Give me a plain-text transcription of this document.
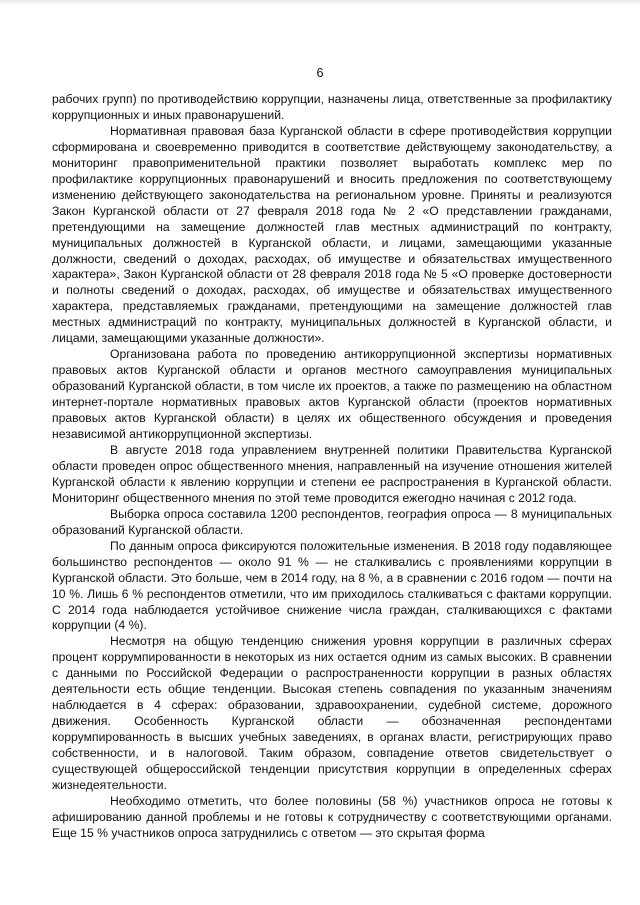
6

рабочих групп) по противодействию коррупции, назначены лица, ответственные за профилактику коррупционных и иных правонарушений.

Нормативная правовая база Курганской области в сфере противодействия коррупции сформирована и своевременно приводится в соответствие действующему законодательству, а мониторинг правоприменительной практики позволяет выработать комплекс мер по профилактике коррупционных правонарушений и вносить предложения по соответствующему изменению действующего законодательства на региональном уровне. Приняты и реализуются Закон Курганской области от 27 февраля 2018 года № 2 «О представлении гражданами, претендующими на замещение должностей глав местных администраций по контракту, муниципальных должностей в Курганской области, и лицами, замещающими указанные должности, сведений о доходах, расходах, об имуществе и обязательствах имущественного характера», Закон Курганской области от 28 февраля 2018 года № 5 «О проверке достоверности и полноты сведений о доходах, расходах, об имуществе и обязательствах имущественного характера, представляемых гражданами, претендующими на замещение должностей глав местных администраций по контракту, муниципальных должностей в Курганской области, и лицами, замещающими указанные должности».

Организована работа по проведению антикоррупционной экспертизы нормативных правовых актов Курганской области и органов местного самоуправления муниципальных образований Курганской области, в том числе их проектов, а также по размещению на областном интернет-портале нормативных правовых актов Курганской области (проектов нормативных правовых актов Курганской области) в целях их общественного обсуждения и проведения независимой антикоррупционной экспертизы.

В августе 2018 года управлением внутренней политики Правительства Курганской области проведен опрос общественного мнения, направленный на изучение отношения жителей Курганской области к явлению коррупции и степени ее распространения в Курганской области. Мониторинг общественного мнения по этой теме проводится ежегодно начиная с 2012 года.

Выборка опроса составила 1200 респондентов, география опроса — 8 муниципальных образований Курганской области.

По данным опроса фиксируются положительные изменения. В 2018 году подавляющее большинство респондентов — около 91 % — не сталкивались с проявлениями коррупции в Курганской области. Это больше, чем в 2014 году, на 8 %, а в сравнении с 2016 годом — почти на 10 %. Лишь 6 % респондентов отметили, что им приходилось сталкиваться с фактами коррупции. С 2014 года наблюдается устойчивое снижение числа граждан, сталкивающихся с фактами коррупции (4 %).

Несмотря на общую тенденцию снижения уровня коррупции в различных сферах процент коррумпированности в некоторых из них остается одним из самых высоких. В сравнении с данными по Российской Федерации о распространенности коррупции в разных областях деятельности есть общие тенденции. Высокая степень совпадения по указанным значениям наблюдается в 4 сферах: образовании, здравоохранении, судебной системе, дорожного движения. Особенность Курганской области — обозначенная респондентами коррумпированность в высших учебных заведениях, в органах власти, регистрирующих право собственности, и в налоговой. Таким образом, совпадение ответов свидетельствует о существующей общероссийской тенденции присутствия коррупции в определенных сферах жизнедеятельности.

Необходимо отметить, что более половины (58 %) участников опроса не готовы к афишированию данной проблемы и не готовы к сотрудничеству с соответствующими органами. Еще 15 % участников опроса затруднились с ответом — это скрытая форма
